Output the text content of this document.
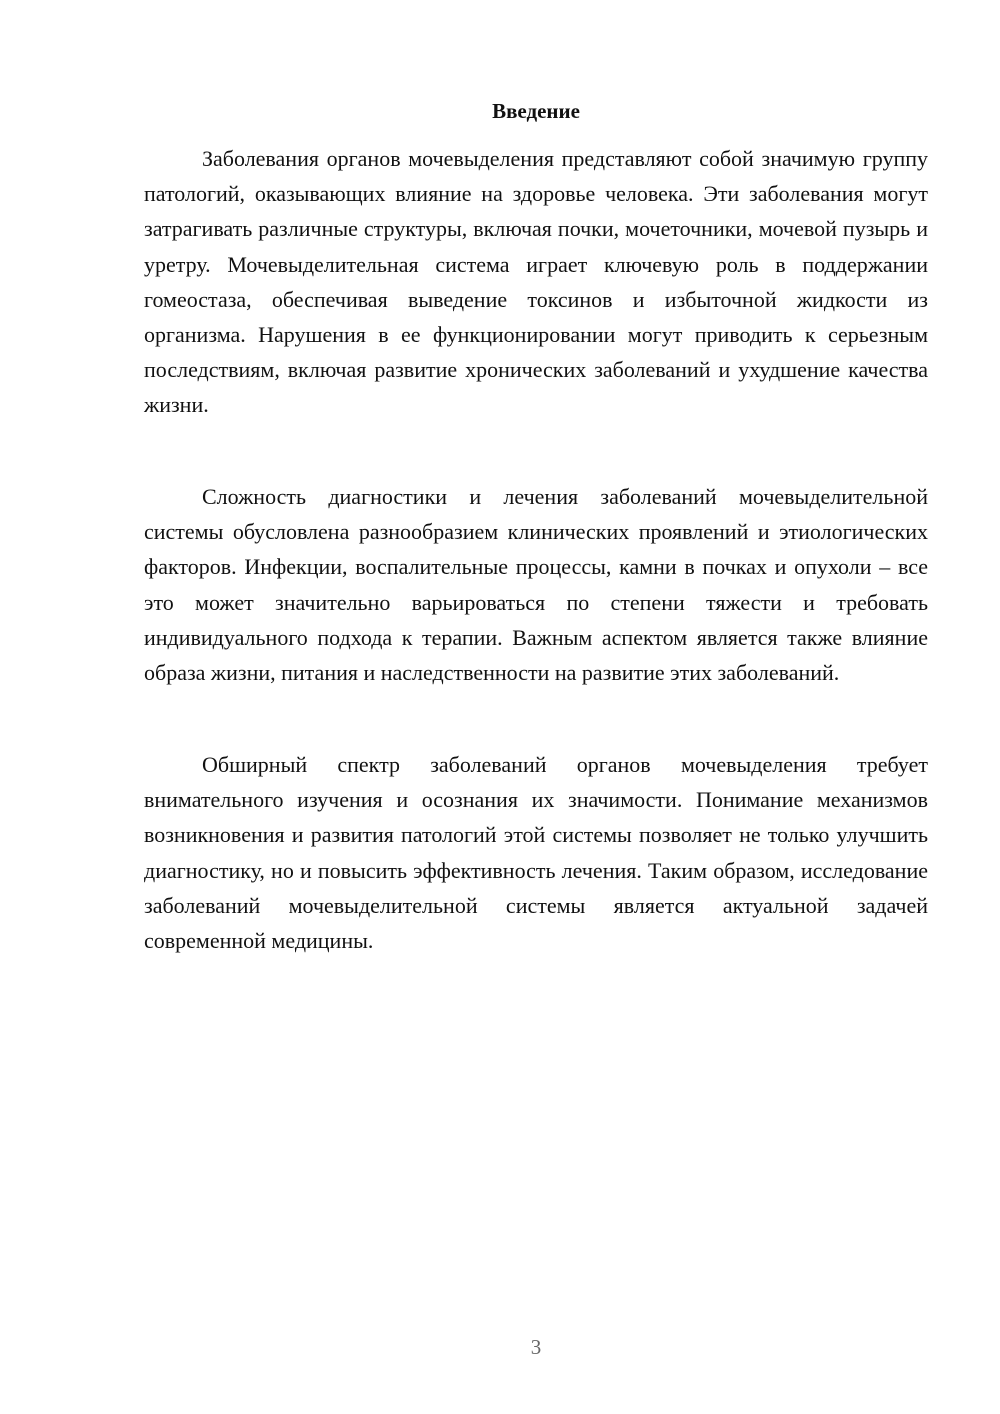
Введение

Заболевания органов мочевыделения представляют собой значимую группу патологий, оказывающих влияние на здоровье человека. Эти заболевания могут затрагивать различные структуры, включая почки, мочеточники, мочевой пузырь и уретру. Мочевыделительная система играет ключевую роль в поддержании гомеостаза, обеспечивая выведение токсинов и избыточной жидкости из организма. Нарушения в ее функционировании могут приводить к серьезным последствиям, включая развитие хронических заболеваний и ухудшение качества жизни.

Сложность диагностики и лечения заболеваний мочевыделительной системы обусловлена разнообразием клинических проявлений и этиологических факторов. Инфекции, воспалительные процессы, камни в почках и опухоли – все это может значительно варьироваться по степени тяжести и требовать индивидуального подхода к терапии. Важным аспектом является также влияние образа жизни, питания и наследственности на развитие этих заболеваний.

Обширный спектр заболеваний органов мочевыделения требует внимательного изучения и осознания их значимости. Понимание механизмов возникновения и развития патологий этой системы позволяет не только улучшить диагностику, но и повысить эффективность лечения. Таким образом, исследование заболеваний мочевыделительной системы является актуальной задачей современной медицины.

3
